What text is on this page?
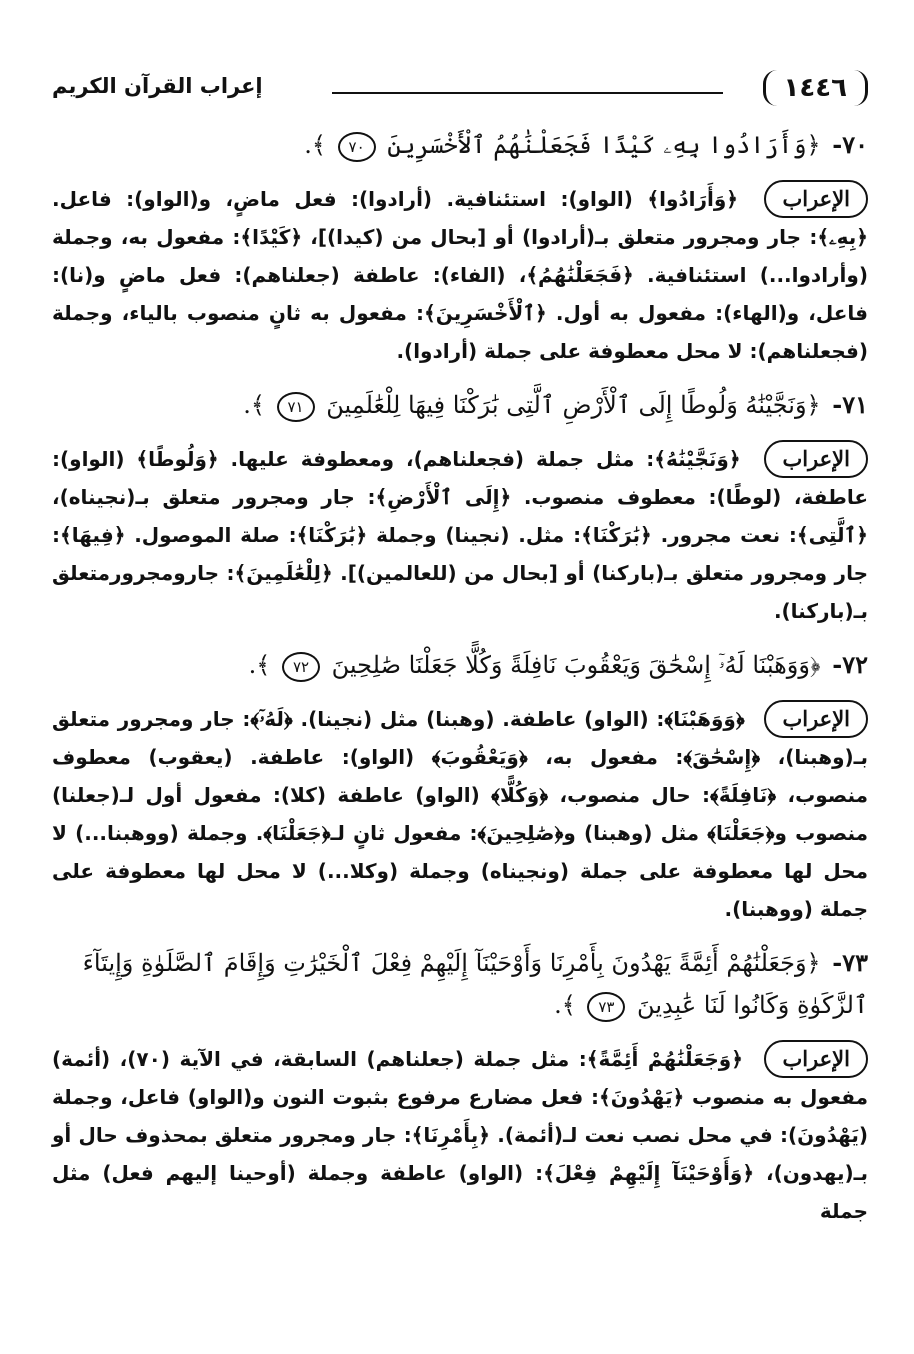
١٤٤٦
إعراب القرآن الكريم
٧٠- ﴿وَأَرَادُوا بِهِۦ كَيْدًا فَجَعَلْنَٰهُمُ ٱلْأَخْسَرِينَ ٧٠ ﴾.
الإعراب ﴿وَأَرَادُوا﴾ (الواو): استئنافية. (أرادوا): فعل ماضٍ، و(الواو): فاعل. ﴿بِهِۦ﴾: جار ومجرور متعلق بـ(أرادوا) أو [بحال من (كيدا)]، ﴿كَيْدًا﴾: مفعول به، وجملة (وأرادوا...) استئنافية. ﴿فَجَعَلْنَٰهُمُ﴾، (الفاء): عاطفة (جعلناهم): فعل ماضٍ و(نا): فاعل، و(الهاء): مفعول به أول. ﴿ٱلْأَخْسَرِينَ﴾: مفعول به ثانٍ منصوب بالياء، وجملة (فجعلناهم): لا محل معطوفة على جملة (أرادوا).
٧١- ﴿وَنَجَّيْنَٰهُ وَلُوطًا إِلَى ٱلْأَرْضِ ٱلَّتِى بَٰرَكْنَا فِيهَا لِلْعَٰلَمِينَ ٧١ ﴾.
الإعراب ﴿وَنَجَّيْنَٰهُ﴾: مثل جملة (فجعلناهم)، ومعطوفة عليها. ﴿وَلُوطًا﴾ (الواو): عاطفة، (لوطًا): معطوف منصوب. ﴿إِلَى ٱلْأَرْضِ﴾: جار ومجرور متعلق بـ(نجيناه)، ﴿ٱلَّتِى﴾: نعت مجرور. ﴿بَٰرَكْنَا﴾: مثل. (نجينا) وجملة ﴿بَٰرَكْنَا﴾: صلة الموصول. ﴿فِيهَا﴾: جار ومجرور متعلق بـ(باركنا) أو [بحال من (للعالمين)]. ﴿لِلْعَٰلَمِينَ﴾: جارومجرورمتعلق بـ(باركنا).
٧٢- ﴿وَوَهَبْنَا لَهُۥٓ إِسْحَٰقَ وَيَعْقُوبَ نَافِلَةً وَكُلًّا جَعَلْنَا صَٰلِحِينَ ٧٢ ﴾.
الإعراب ﴿وَوَهَبْنَا﴾: (الواو) عاطفة. (وهبنا) مثل (نجينا). ﴿لَهُۥٓ﴾: جار ومجرور متعلق بـ(وهبنا)، ﴿إِسْحَٰقَ﴾: مفعول به، ﴿وَيَعْقُوبَ﴾ (الواو): عاطفة. (يعقوب) معطوف منصوب، ﴿نَافِلَةً﴾: حال منصوب، ﴿وَكُلًّا﴾ (الواو) عاطفة (كلا): مفعول أول لـ(جعلنا) منصوب و﴿جَعَلْنَا﴾ مثل (وهبنا) و﴿صَٰلِحِينَ﴾: مفعول ثانٍ لـ﴿جَعَلْنَا﴾. وجملة (ووهبنا...) لا محل لها معطوفة على جملة (ونجيناه) وجملة (وكلا...) لا محل لها معطوفة على جملة (ووهبنا).
٧٣- ﴿وَجَعَلْنَٰهُمْ أَئِمَّةً يَهْدُونَ بِأَمْرِنَا وَأَوْحَيْنَآ إِلَيْهِمْ فِعْلَ ٱلْخَيْرَٰتِ وَإِقَامَ ٱلصَّلَوٰةِ وَإِيتَآءَ ٱلزَّكَوٰةِ وَكَانُوا لَنَا عَٰبِدِينَ ٧٣ ﴾.
الإعراب ﴿وَجَعَلْنَٰهُمْ أَئِمَّةً﴾: مثل جملة (جعلناهم) السابقة، في الآية (٧٠)، (أئمة) مفعول به منصوب ﴿يَهْدُونَ﴾: فعل مضارع مرفوع بثبوت النون و(الواو) فاعل، وجملة (يَهْدُونَ): في محل نصب نعت لـ(أئمة). ﴿بِأَمْرِنَا﴾: جار ومجرور متعلق بمحذوف حال أو بـ(يهدون)، ﴿وَأَوْحَيْنَآ إِلَيْهِمْ فِعْلَ﴾: (الواو) عاطفة وجملة (أوحينا إليهم فعل) مثل جملة
